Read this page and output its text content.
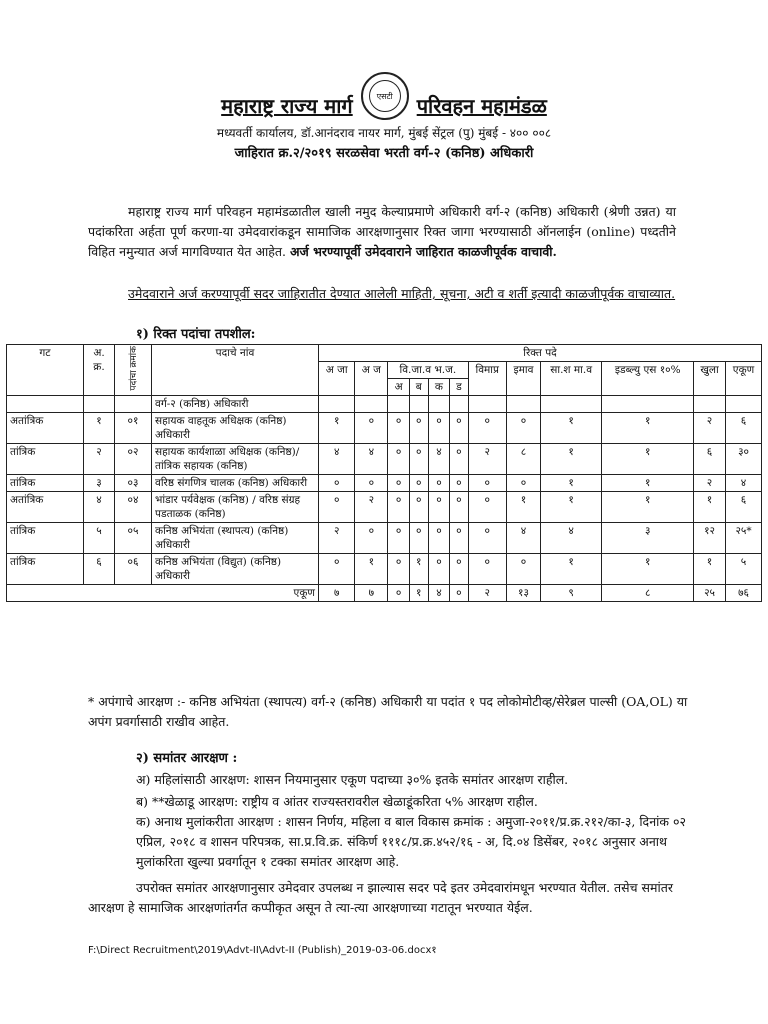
महाराष्ट्र राज्य मार्ग	एसटी	परिवहन महामंडळ
मध्यवर्ती कार्यालय, डॉ.आनंदराव नायर मार्ग, मुंबई सेंट्रल (पु) मुंबई - ४०० ००८
जाहिरात क्र.२/२०१९ सरळसेवा भरती वर्ग-२ (कनिष्ठ) अधिकारी
महाराष्ट्र राज्य मार्ग परिवहन महामंडळातील खाली नमुद केल्याप्रमाणे अधिकारी वर्ग-२ (कनिष्ठ) अधिकारी (श्रेणी उन्नत) या पदांकरिता अर्हता पूर्ण करणा-या उमेदवारांकडून सामाजिक आरक्षणानुसार रिक्त जागा भरण्यासाठी ऑनलाईन (online) पध्दतीने विहित नमुन्यात अर्ज मागविण्यात येत आहेत. अर्ज भरण्यापूर्वी उमेदवाराने जाहिरात काळजीपूर्वक वाचावी.
उमेदवाराने अर्ज करण्यापूर्वी सदर जाहिरातीत देण्यात आलेली माहिती, सूचना, अटी व शर्ती इत्यादी काळजीपूर्वक वाचाव्यात.
१) रिक्त पदांचा तपशील:
गट	अ. क्र.	पदांचा क्रमांक	पदाचे नांव	रिक्त पदे											
				अ जा	अ ज	वि.जा.व भ.ज.				विमाप्र	इमाव	सा.श मा.व	इडब्ल्यु एस १०%	खुला	एकूण
						अ	ब	क	ड						
			वर्ग-२ (कनिष्ठ) अधिकारी												
अतांत्रिक	१	०१	सहायक वाहतूक अधिक्षक (कनिष्ठ) अधिकारी	१	०	०	०	०	०	०	०	१	१	२	६
तांत्रिक	२	०२	सहायक कार्यशाळा अधिक्षक (कनिष्ठ)/ तांत्रिक सहायक (कनिष्ठ)	४	४	०	०	४	०	२	८	१	१	६	३०
तांत्रिक	३	०३	वरिष्ठ संगणित्र चालक (कनिष्ठ) अधिकारी	०	०	०	०	०	०	०	०	१	१	२	४
अतांत्रिक	४	०४	भांडार पर्यवेक्षक (कनिष्ठ) / वरिष्ठ संग्रह पडताळक (कनिष्ठ)	०	२	०	०	०	०	०	१	१	१	१	६
तांत्रिक	५	०५	कनिष्ठ अभियंता (स्थापत्य) (कनिष्ठ) अधिकारी	२	०	०	०	०	०	०	४	४	३	१२	२५*
तांत्रिक	६	०६	कनिष्ठ अभियंता (विद्युत) (कनिष्ठ) अधिकारी	०	१	०	१	०	०	०	०	१	१	१	५
एकूण				७	७	०	१	४	०	२	१३	९	८	२५	७६
* अपंगाचे आरक्षण :- कनिष्ठ अभियंता (स्थापत्य) वर्ग-२ (कनिष्ठ) अधिकारी या पदांत १ पद लोकोमोटीव्ह/सेरेब्रल पाल्सी (OA,OL) या अपंग प्रवर्गासाठी राखीव आहेत.
२) समांतर आरक्षण :
अ) महिलांसाठी आरक्षण: शासन नियमानुसार एकूण पदाच्या ३०% इतके समांतर आरक्षण राहील.
ब) **खेळाडू आरक्षण: राष्ट्रीय व आंतर राज्यस्तरावरील खेळाडूंकरिता ५% आरक्षण राहील.
क) अनाथ मुलांकरीता आरक्षण : शासन निर्णय, महिला व बाल विकास क्रमांक : अमुजा-२०११/प्र.क्र.२१२/का-३, दिनांक ०२ एप्रिल, २०१८ व शासन परिपत्रक, सा.प्र.वि.क्र. संकिर्ण १११८/प्र.क्र.४५२/१६ - अ, दि.०४ डिसेंबर, २०१८ अनुसार अनाथ मुलांकरिता खुल्या प्रवर्गातून १ टक्का समांतर आरक्षण आहे.
उपरोक्त समांतर आरक्षणानुसार उमेदवार उपलब्ध न झाल्यास सदर पदे इतर उमेदवारांमधून भरण्यात येतील. तसेच समांतर आरक्षण हे सामाजिक आरक्षणांतर्गत कप्पीकृत असून ते त्या-त्या आरक्षणाच्या गटातून भरण्यात येईल.
F:\Direct Recruitment\2019\Advt-II\Advt-II (Publish)_2019-03-06.docx१
